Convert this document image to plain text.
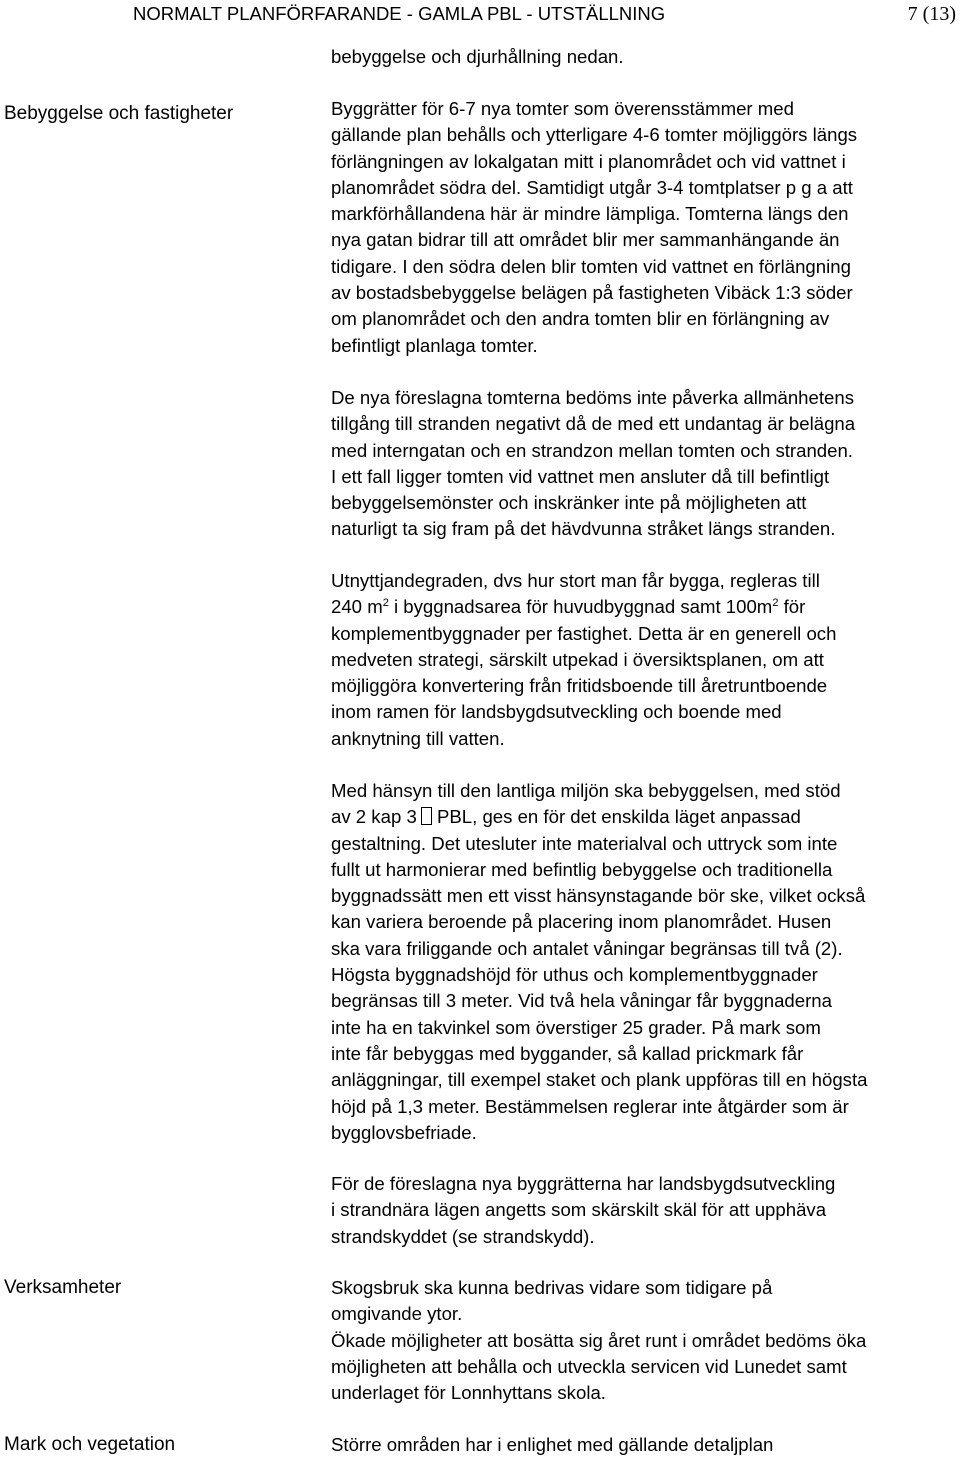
NORMALT PLANFÖRFARANDE - GAMLA PBL - UTSTÄLLNING	7 (13)
Bebyggelse och fastigheter
Verksamheter
Mark och vegetation

bebyggelse och djurhållning nedan.

Byggrätter för 6-7 nya tomter som överensstämmer med
gällande plan behålls och ytterligare 4-6 tomter möjliggörs längs
förlängningen av lokalgatan mitt i planområdet och vid vattnet i
planområdet södra del. Samtidigt utgår 3-4 tomtplatser p g a att
markförhållandena här är mindre lämpliga. Tomterna längs den
nya gatan bidrar till att området blir mer sammanhängande än
tidigare. I den södra delen blir tomten vid vattnet en förlängning
av bostadsbebyggelse belägen på fastigheten Vibäck 1:3 söder
om planområdet och den andra tomten blir en förlängning av
befintligt planlaga tomter.

De nya föreslagna tomterna bedöms inte påverka allmänhetens
tillgång till stranden negativt då de med ett undantag är belägna
med interngatan och en strandzon mellan tomten och stranden.
I ett fall ligger tomten vid vattnet men ansluter då till befintligt
bebyggelsemönster och inskränker inte på möjligheten att
naturligt ta sig fram på det hävdvunna stråket längs stranden.

Utnyttjandegraden, dvs hur stort man får bygga, regleras till
240 $m^2$ i byggnadsarea för huvudbyggnad samt $100m^2$ för
komplementbyggnader per fastighet. Detta är en generell och
medveten strategi, särskilt utpekad i översiktsplanen, om att
möjliggöra konvertering från fritidsboende till åretruntboende
inom ramen för landsbygdsutveckling och boende med
anknytning till vatten.

Med hänsyn till den lantliga miljön ska bebyggelsen, med stöd
av 2 kap 3 PBL, ges en för det enskilda läget anpassad
gestaltning. Det utesluter inte materialval och uttryck som inte
fullt ut harmonierar med befintlig bebyggelse och traditionella
byggnadssätt men ett visst hänsynstagande bör ske, vilket också
kan variera beroende på placering inom planområdet. Husen
ska vara friliggande och antalet våningar begränsas till två (2).
Högsta byggnadshöjd för uthus och komplementbyggnader
begränsas till 3 meter. Vid två hela våningar får byggnaderna
inte ha en takvinkel som överstiger 25 grader. På mark som
inte får bebyggas med byggander, så kallad prickmark får
anläggningar, till exempel staket och plank uppföras till en högsta
höjd på 1,3 meter. Bestämmelsen reglerar inte åtgärder som är
bygglovsbefriade.

För de föreslagna nya byggrätterna har landsbygdsutveckling
i strandnära lägen angetts som skärskilt skäl för att upphäva
strandskyddet (se strandskydd).

Skogsbruk ska kunna bedrivas vidare som tidigare på
omgivande ytor.
Ökade möjligheter att bosätta sig året runt i området bedöms öka
möjligheten att behålla och utveckla servicen vid Lunedet samt
underlaget för Lonnhyttans skola.

Större områden har i enlighet med gällande detaljplan
